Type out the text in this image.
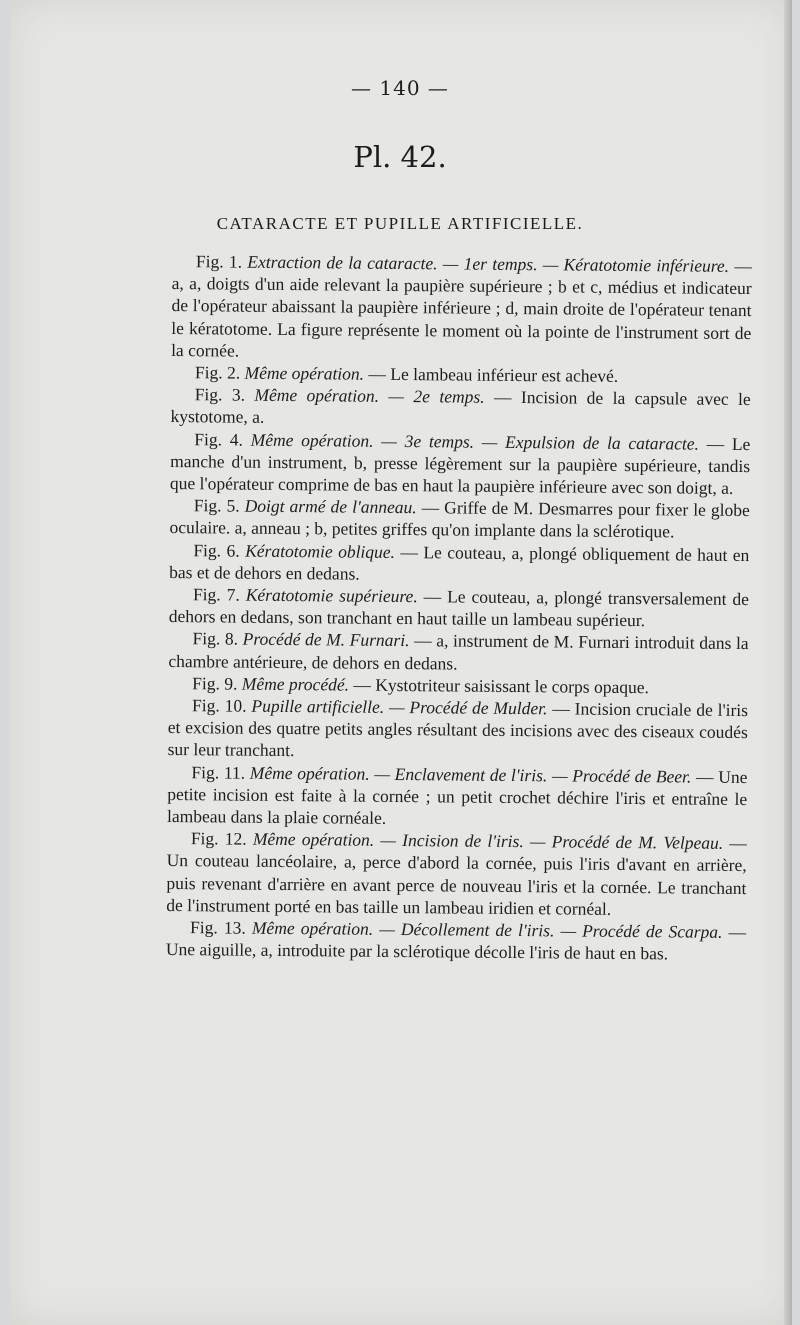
— 140 —
Pl. 42.
CATARACTE ET PUPILLE ARTIFICIELLE.

Fig. 1. Extraction de la cataracte. — 1er temps. — Kératotomie inférieure. — a, a, doigts d'un aide relevant la paupière supérieure ; b et c, médius et indicateur de l'opérateur abaissant la paupière inférieure ; d, main droite de l'opérateur tenant le kératotome. La figure représente le moment où la pointe de l'instrument sort de la cornée.

Fig. 2. Même opération. — Le lambeau inférieur est achevé.

Fig. 3. Même opération. — 2e temps. — Incision de la capsule avec le kystotome, a.

Fig. 4. Même opération. — 3e temps. — Expulsion de la cataracte. — Le manche d'un instrument, b, presse légèrement sur la paupière supérieure, tandis que l'opérateur comprime de bas en haut la paupière inférieure avec son doigt, a.

Fig. 5. Doigt armé de l'anneau. — Griffe de M. Desmarres pour fixer le globe oculaire. a, anneau ; b, petites griffes qu'on implante dans la sclérotique.

Fig. 6. Kératotomie oblique. — Le couteau, a, plongé obliquement de haut en bas et de dehors en dedans.

Fig. 7. Kératotomie supérieure. — Le couteau, a, plongé transversalement de dehors en dedans, son tranchant en haut taille un lambeau supérieur.

Fig. 8. Procédé de M. Furnari. — a, instrument de M. Furnari introduit dans la chambre antérieure, de dehors en dedans.

Fig. 9. Même procédé. — Kystotriteur saisissant le corps opaque.

Fig. 10. Pupille artificielle. — Procédé de Mulder. — Incision cruciale de l'iris et excision des quatre petits angles résultant des incisions avec des ciseaux coudés sur leur tranchant.

Fig. 11. Même opération. — Enclavement de l'iris. — Procédé de Beer. — Une petite incision est faite à la cornée ; un petit crochet déchire l'iris et entraîne le lambeau dans la plaie cornéale.

Fig. 12. Même opération. — Incision de l'iris. — Procédé de M. Velpeau. — Un couteau lancéolaire, a, perce d'abord la cornée, puis l'iris d'avant en arrière, puis revenant d'arrière en avant perce de nouveau l'iris et la cornée. Le tranchant de l'instrument porté en bas taille un lambeau iridien et cornéal.

Fig. 13. Même opération. — Décollement de l'iris. — Procédé de Scarpa. — Une aiguille, a, introduite par la sclérotique décolle l'iris de haut en bas.
